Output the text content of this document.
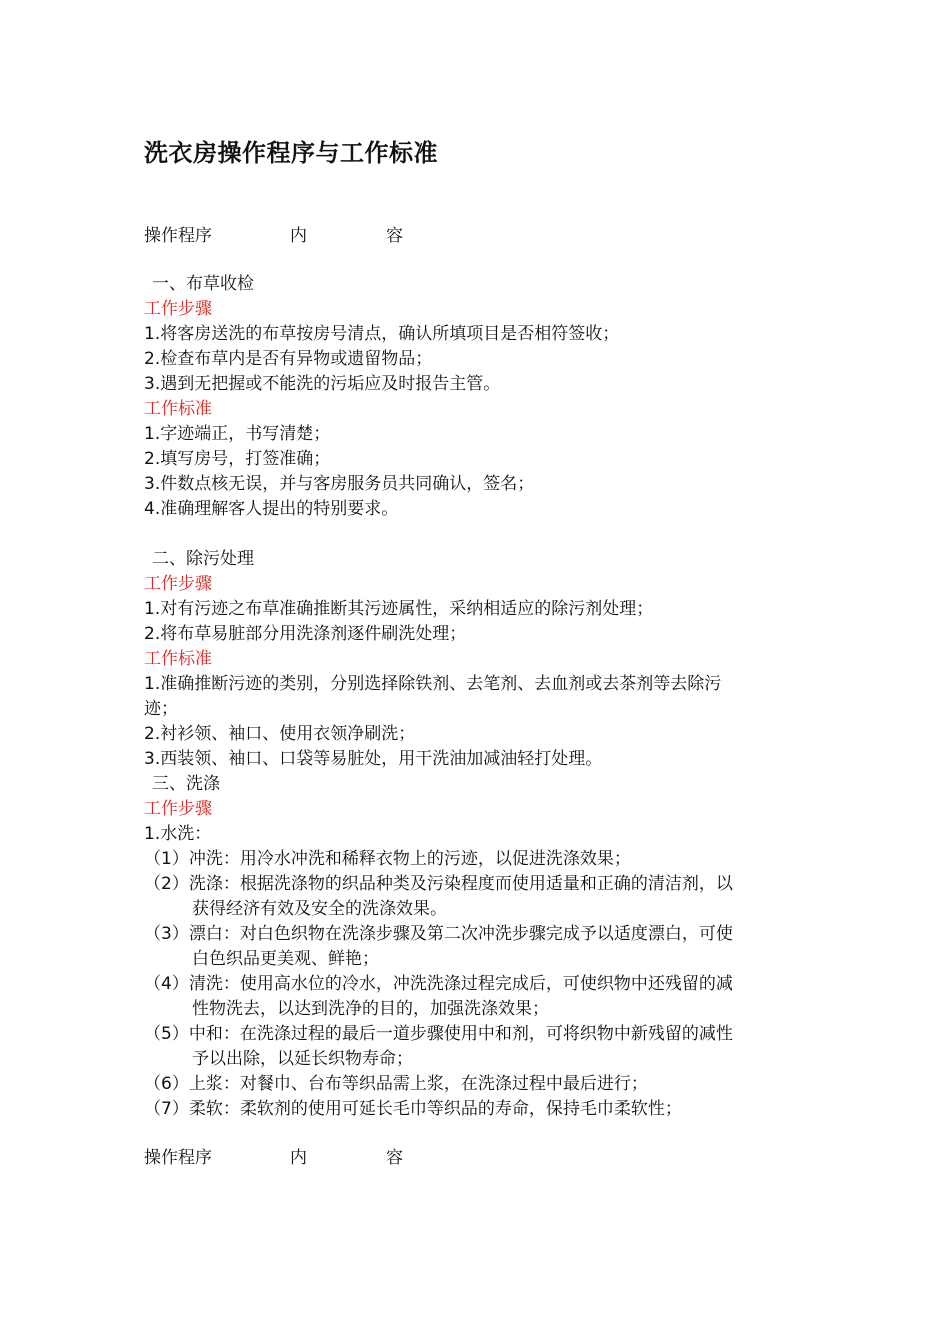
洗衣房操作程序与工作标准
操作程序	内	容
一、布草收检
工作步骤
1.将客房送洗的布草按房号清点，确认所填项目是否相符签收；
2.检查布草内是否有异物或遗留物品；
3.遇到无把握或不能洗的污垢应及时报告主管。
工作标准
1.字迹端正，书写清楚；
2.填写房号，打签准确；
3.件数点核无误，并与客房服务员共同确认，签名；
4.准确理解客人提出的特别要求。
二、除污处理
工作步骤
1.对有污迹之布草准确推断其污迹属性，采纳相适应的除污剂处理；
2.将布草易脏部分用洗涤剂逐件刷洗处理；
工作标准
1.准确推断污迹的类别，分别选择除铁剂、去笔剂、去血剂或去茶剂等去除污
迹；
2.衬衫领、袖口、使用衣领净刷洗；
3.西装领、袖口、口袋等易脏处，用干洗油加减油轻打处理。
三、洗涤
工作步骤
1.水洗：
（1）冲洗：用冷水冲洗和稀释衣物上的污迹，以促进洗涤效果；
（2）洗涤：根据洗涤物的织品种类及污染程度而使用适量和正确的清洁剂，以
获得经济有效及安全的洗涤效果。
（3）漂白：对白色织物在洗涤步骤及第二次冲洗步骤完成予以适度漂白，可使
白色织品更美观、鲜艳；
（4）清洗：使用高水位的冷水，冲洗洗涤过程完成后，可使织物中还残留的减
性物洗去，以达到洗净的目的，加强洗涤效果；
（5）中和：在洗涤过程的最后一道步骤使用中和剂，可将织物中新残留的减性
予以出除，以延长织物寿命；
（6）上浆：对餐巾、台布等织品需上浆，在洗涤过程中最后进行；
（7）柔软：柔软剂的使用可延长毛巾等织品的寿命，保持毛巾柔软性；
操作程序	内	容
